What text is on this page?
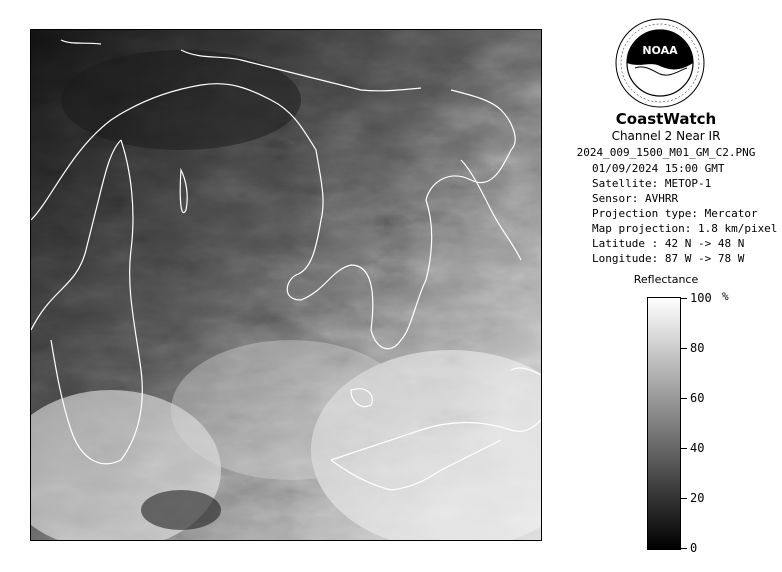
NOAA
CoastWatch
Channel 2 Near IR
2024_009_1500_M01_GM_C2.PNG
01/09/2024 15:00 GMT
Satellite: METOP-1
Sensor: AVHRR
Projection type: Mercator
Map projection: 1.8 km/pixel
Latitude : 42 N -> 48 N
Longitude: 87 W -> 78 W
Reflectance
%
100
80
60
40
20
0
